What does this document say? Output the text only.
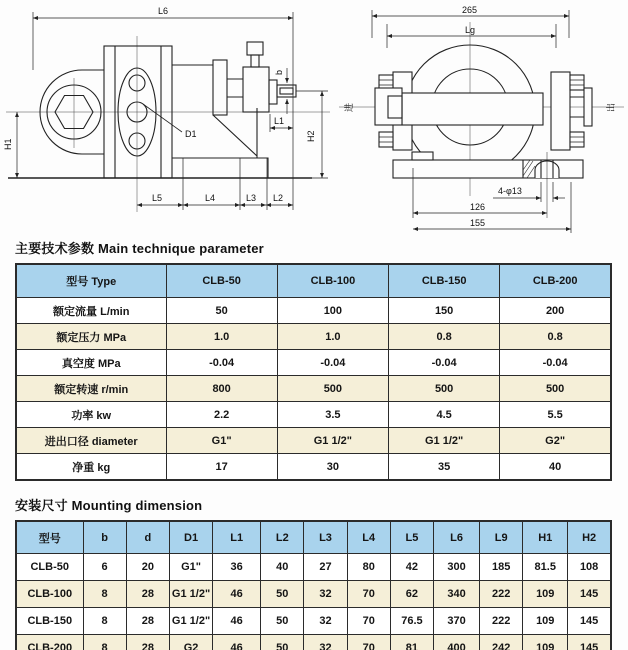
L6
H1
D1
b
L1
H2
L5	L4	L3 L2
265
Lg
进	出
4-φ13
126
155
主要技术参数 Main technique parameter
型号 Type	CLB-50	CLB-100	CLB-150	CLB-200
额定流量 L/min	50	100	150	200
额定压力 MPa	1.0	1.0	0.8	0.8
真空度 MPa	-0.04	-0.04	-0.04	-0.04
额定转速 r/min	800	500	500	500
功率 kw	2.2	3.5	4.5	5.5
进出口径 diameter	G1"	G1 1/2"	G1 1/2"	G2"
净重 kg	17	30	35	40
安装尺寸 Mounting dimension
型号	b	d	D1	L1	L2	L3	L4	L5	L6	L9	H1	H2
CLB-50	6	20	G1"	36	40	27	80	42	300	185	81.5	108
CLB-100	8	28	G1 1/2"	46	50	32	70	62	340	222	109	145
CLB-150	8	28	G1 1/2"	46	50	32	70	76.5	370	222	109	145
CLB-200	8	28	G2	46	50	32	70	81	400	242	109	145
